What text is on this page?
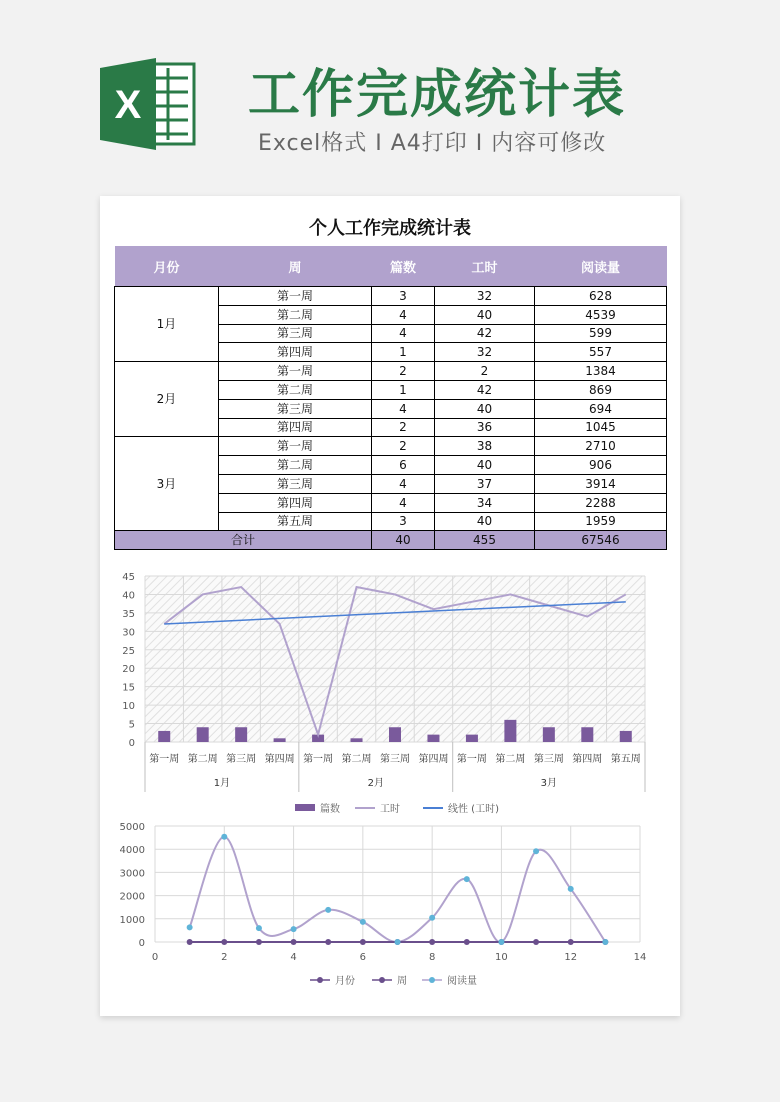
X 工作完成统计表
Excel格式 I A4打印 I 内容可修改
个人工作完成统计表
月份	周	篇数	工时	阅读量
1月	第一周	3	32	628
	第二周	4	40	4539
	第三周	4	42	599
	第四周	1	32	557
2月	第一周	2	2	1384
	第二周	1	42	869
	第三周	4	40	694
	第四周	2	36	1045
3月	第一周	2	38	2710
	第二周	6	40	906
	第三周	4	37	3914
	第四周	4	34	2288
	第五周	3	40	1959
合计		40	455	67546
0
5
10
15
20
25
30
35
40
45
第一周 第二周 第三周 第四周 第一周 第二周 第三周 第四周 第一周 第二周 第三周 第四周 第五周
1月	2月	3月
篇数	工时	线性 (工时)
0
1000
2000
3000
4000
5000
0	2	4	6	8	10	12	14
月份	周	阅读量
